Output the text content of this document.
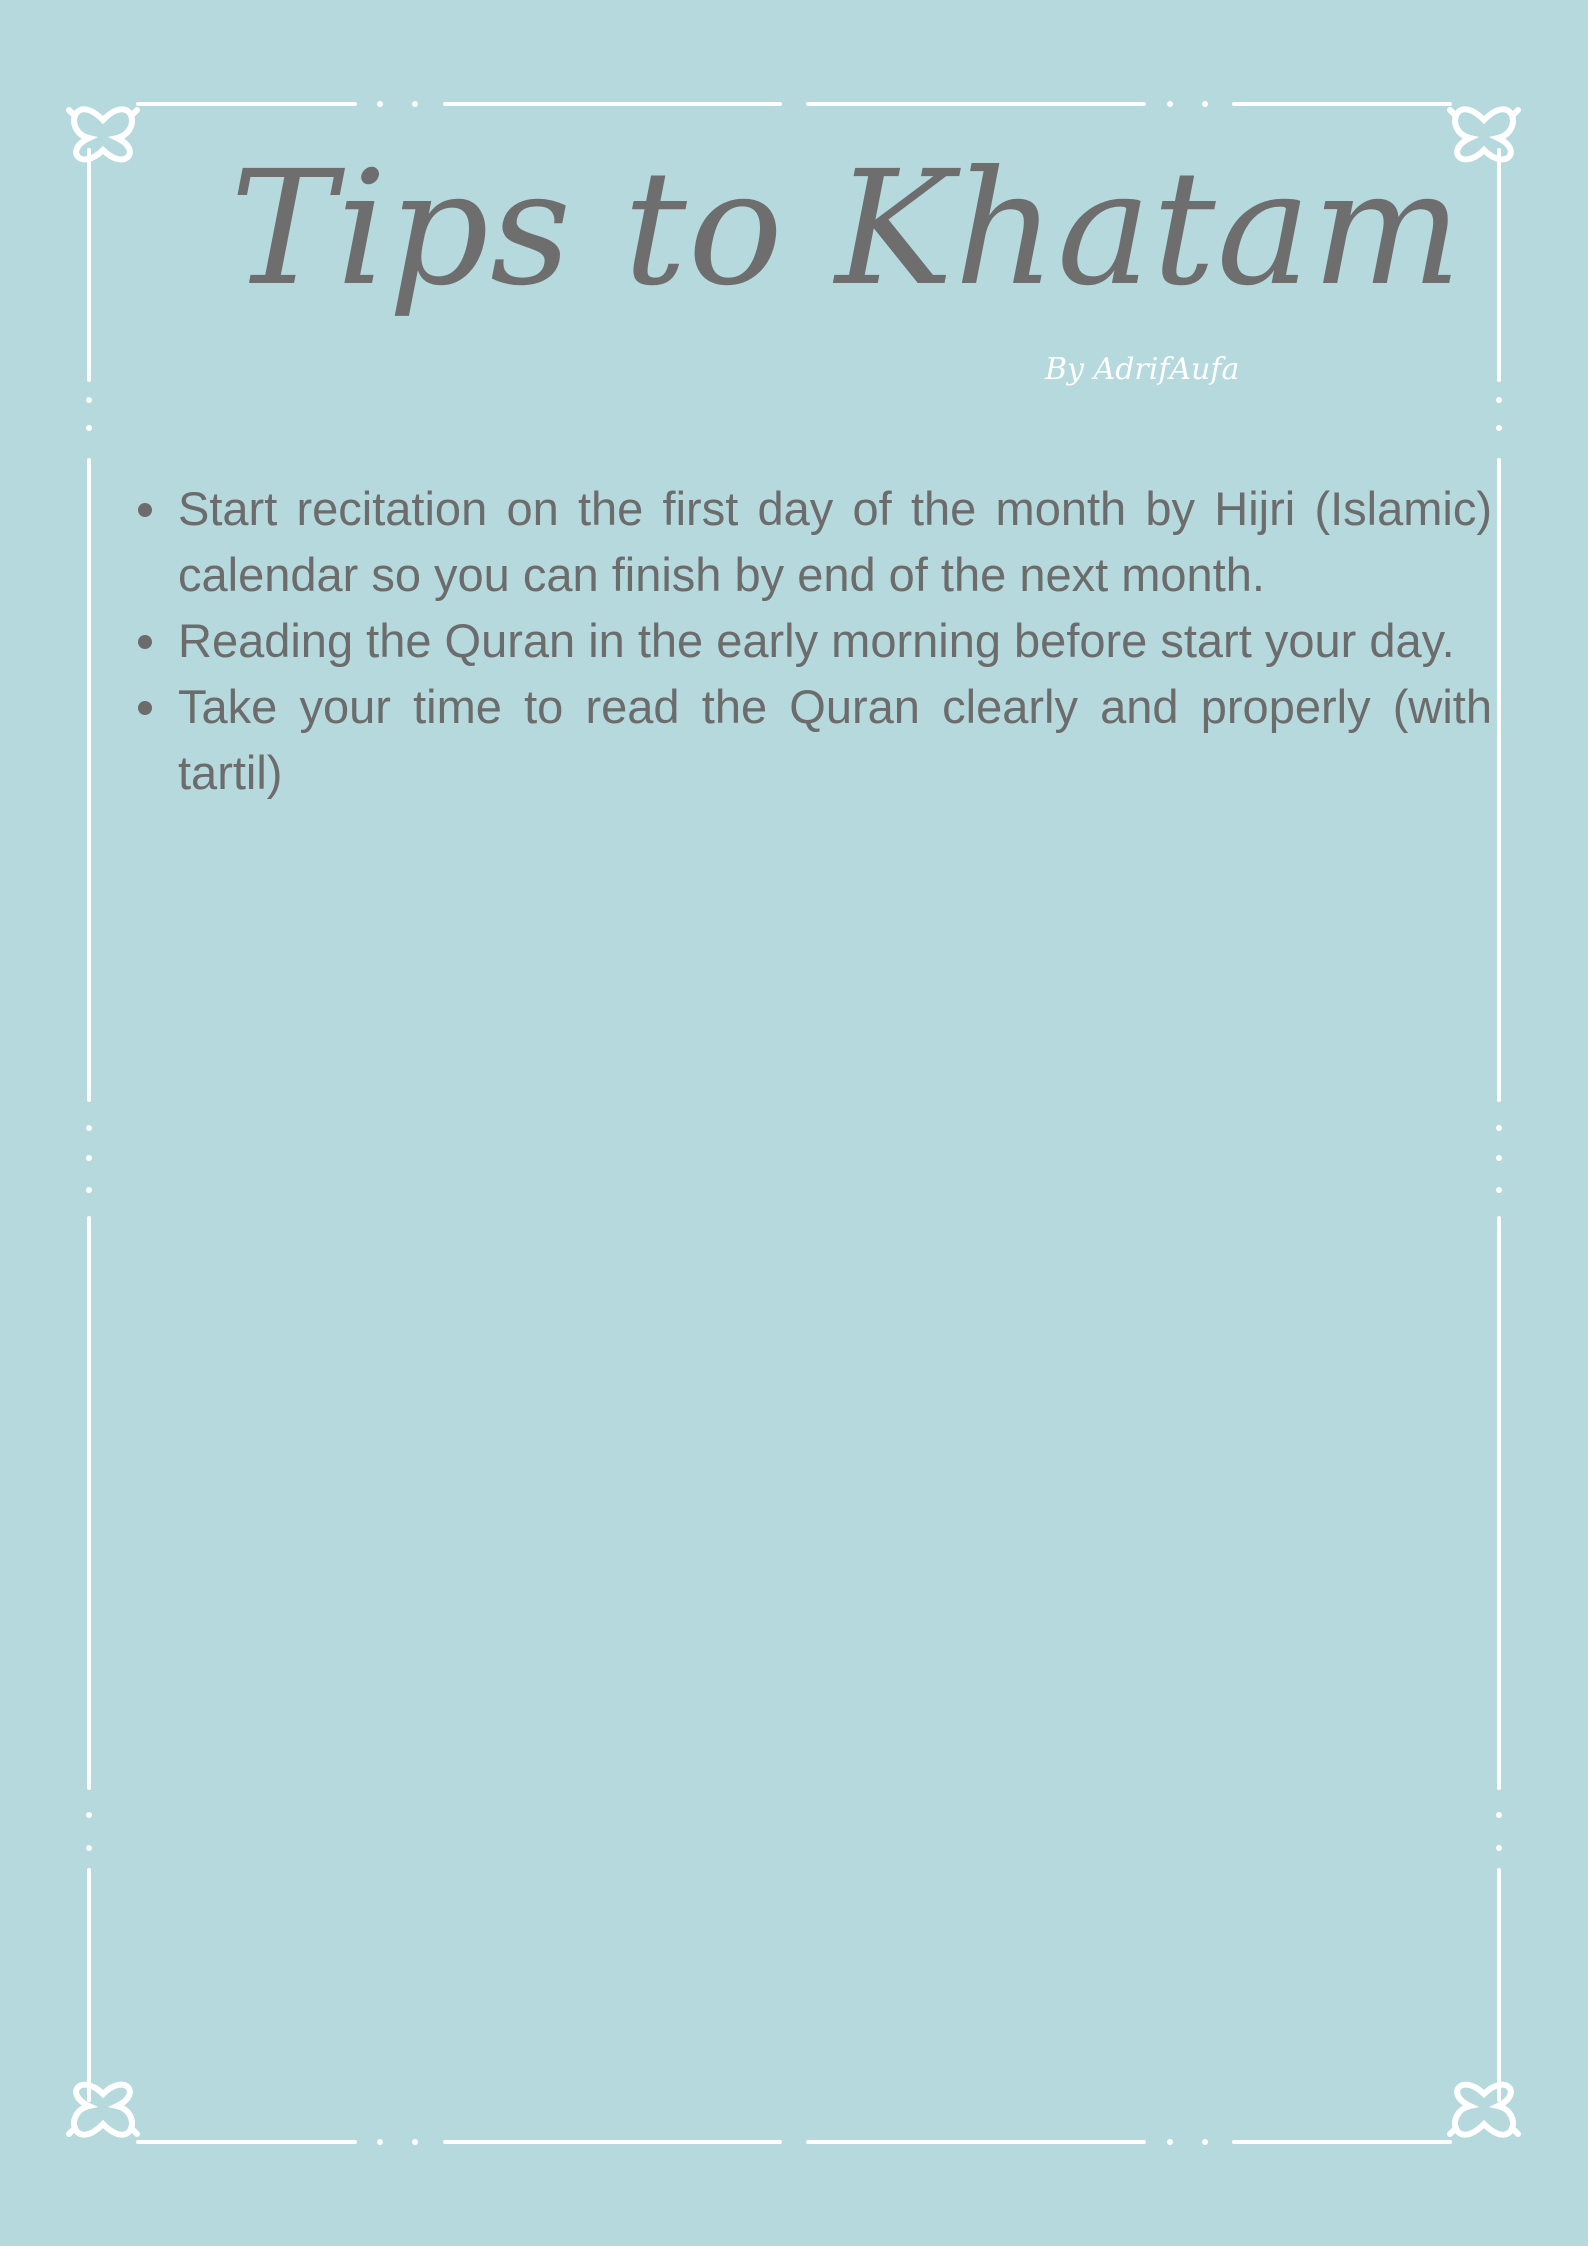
Tips to Khatam
By AdrifAufa
Start recitation on the first day of the month by Hijri (Islamic) calendar so you can finish by end of the next month.
Reading the Quran in the early morning before start your day.
Take your time to read the Quran clearly and properly (with tartil)
